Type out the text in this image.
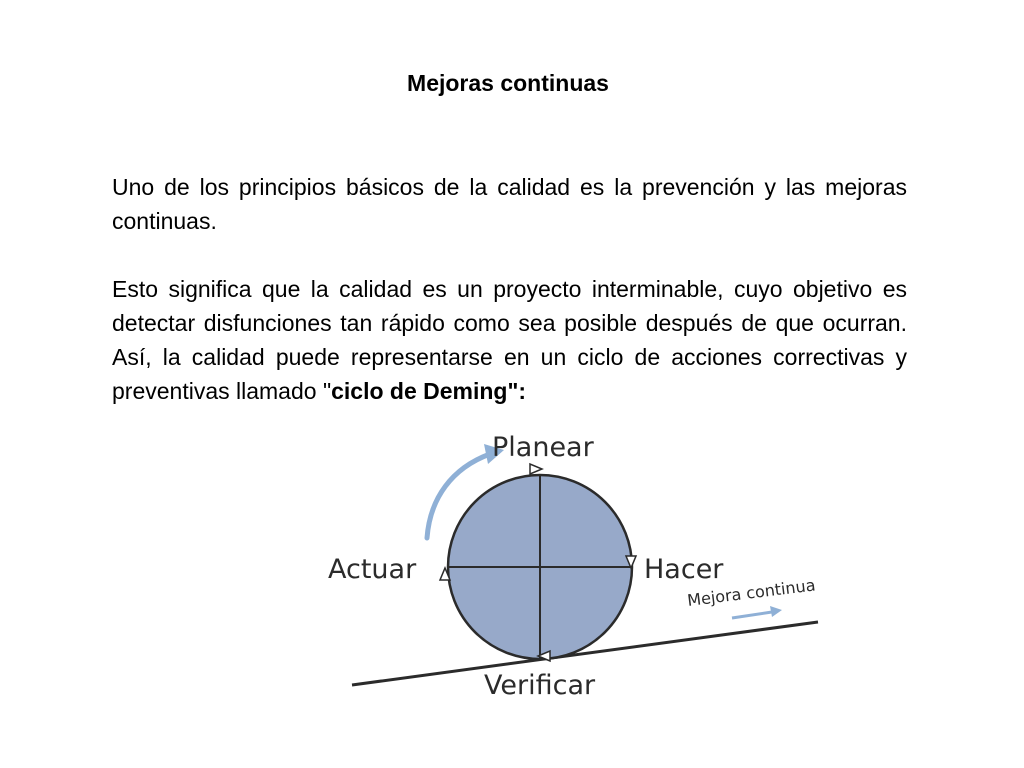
Mejoras continuas

Uno de los principios básicos de la calidad es la prevención y las mejoras continuas.

Esto significa que la calidad es un proyecto interminable, cuyo objetivo es detectar disfunciones tan rápido como sea posible después de que ocurran. Así, la calidad puede representarse en un ciclo de acciones correctivas y preventivas llamado "ciclo de Deming":

Planear
Hacer
Verificar
Actuar
Mejora continua
